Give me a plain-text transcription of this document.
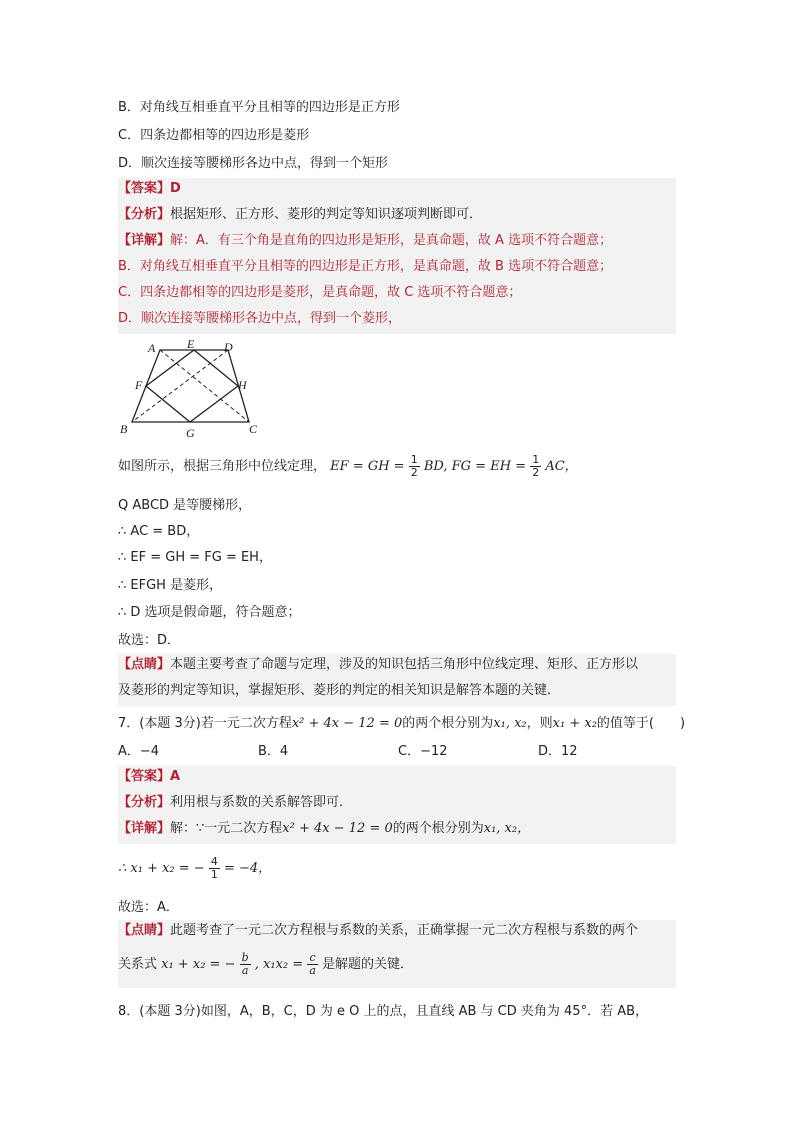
B．对角线互相垂直平分且相等的四边形是正方形
C．四条边都相等的四边形是菱形
D．顺次连接等腰梯形各边中点，得到一个矩形
【答案】D
【分析】根据矩形、正方形、菱形的判定等知识逐项判断即可．
【详解】解：A．有三个角是直角的四边形是矩形，是真命题，故 A 选项不符合题意；
B．对角线互相垂直平分且相等的四边形是正方形，是真命题，故 B 选项不符合题意；
C．四条边都相等的四边形是菱形，是真命题，故 C 选项不符合题意；
D．顺次连接等腰梯形各边中点，得到一个菱形，
A	E D
F	H
B	G	C
如图所示，根据三角形中位线定理， EF = GH = $\frac{1}{2}$ BD, FG = EH = $\frac{1}{2}$ AC，
Q ABCD 是等腰梯形，
∴ AC = BD，
∴ EF = GH = FG = EH，
∴ EFGH 是菱形，
∴ D 选项是假命题，符合题意；
故选：D．
【点睛】本题主要考查了命题与定理，涉及的知识包括三角形中位线定理、矩形、正方形以
及菱形的判定等知识，掌握矩形、菱形的判定的相关知识是解答本题的关键．
7．(本题 3分)若一元二次方程x² + 4x − 12 = 0的两个根分别为x₁, x₂，则x₁ + x₂的值等于(　　)
A．−4	B．4	C．−12	D．12
【答案】A
【分析】利用根与系数的关系解答即可．
【详解】解：∵一元二次方程x² + 4x − 12 = 0的两个根分别为x₁, x₂，
∴ x₁ + x₂ = − $\frac{4}{1} = -4$，
故选：A．
【点睛】此题考查了一元二次方程根与系数的关系，正确掌握一元二次方程根与系数的两个
关系式 x₁ + x₂ = − $\frac{b}{a}$ , $x_1x_2 = \frac{c}{a}$ 是解题的关键．
8．(本题 3分)如图，A，B，C，D 为 e O 上的点，且直线 AB 与 CD 夹角为 45°．若 AB，
